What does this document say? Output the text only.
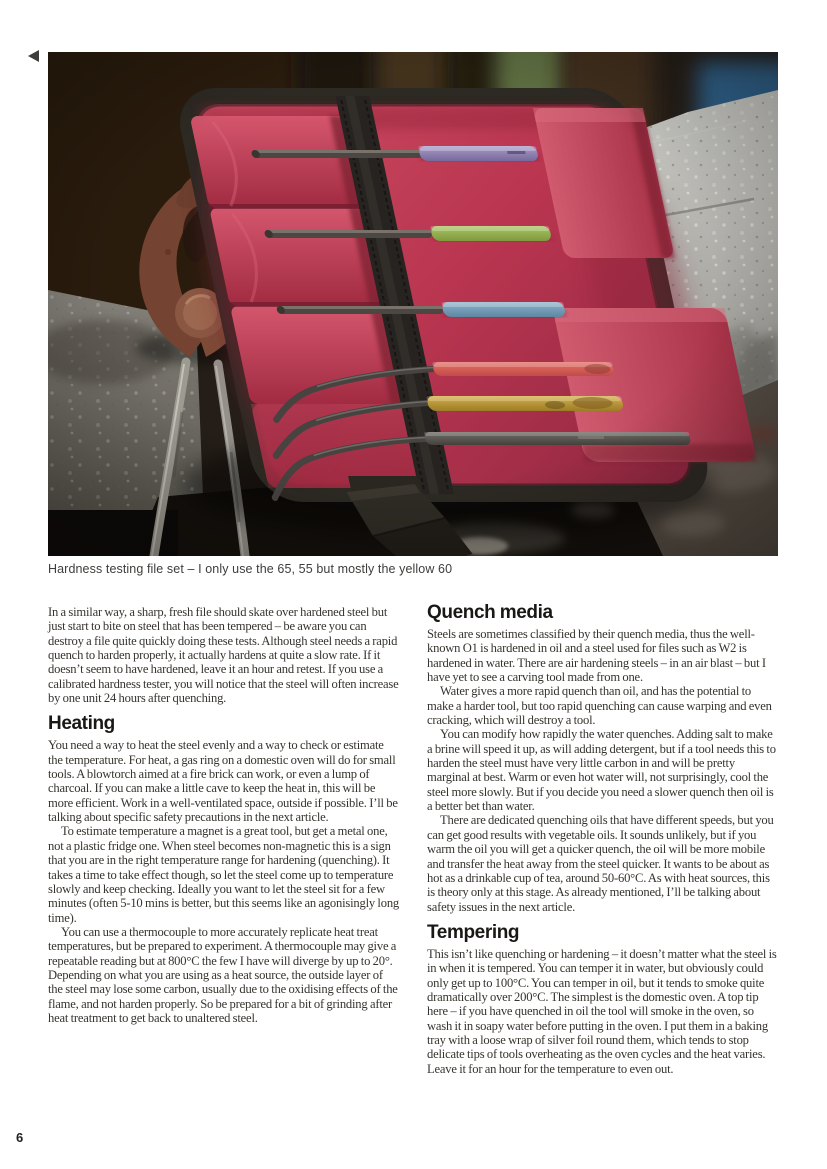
Hardness testing file set – I only use the 65, 55 but mostly the yellow 60

In a similar way, a sharp, fresh file should skate over hardened steel but just start to bite on steel that has been tempered – be aware you can destroy a file quite quickly doing these tests. Although steel needs a rapid quench to harden properly, it actually hardens at quite a slow rate. If it doesn’t seem to have hardened, leave it an hour and retest. If you use a calibrated hardness tester, you will notice that the steel will often increase by one unit 24 hours after quenching.

Heating

You need a way to heat the steel evenly and a way to check or estimate the temperature. For heat, a gas ring on a domestic oven will do for small tools. A blowtorch aimed at a fire brick can work, or even a lump of charcoal. If you can make a little cave to keep the heat in, this will be more efficient. Work in a well-ventilated space, outside if possible. I’ll be talking about specific safety precautions in the next article.

To estimate temperature a magnet is a great tool, but get a metal one, not a plastic fridge one. When steel becomes non-magnetic this is a sign that you are in the right temperature range for hardening (quenching). It takes a time to take effect though, so let the steel come up to temperature slowly and keep checking. Ideally you want to let the steel sit for a few minutes (often 5-10 mins is better, but this seems like an agonisingly long time).

You can use a thermocouple to more accurately replicate heat treat temperatures, but be prepared to experiment. A thermocouple may give a repeatable reading but at 800°C the few I have will diverge by up to 20°. Depending on what you are using as a heat source, the outside layer of the steel may lose some carbon, usually due to the oxidising effects of the flame, and not harden properly. So be prepared for a bit of grinding after heat treatment to get back to unaltered steel.

Quench media

Steels are sometimes classified by their quench media, thus the well-known O1 is hardened in oil and a steel used for files such as W2 is hardened in water. There are air hardening steels – in an air blast – but I have yet to see a carving tool made from one.

Water gives a more rapid quench than oil, and has the potential to make a harder tool, but too rapid quenching can cause warping and even cracking, which will destroy a tool.

You can modify how rapidly the water quenches. Adding salt to make a brine will speed it up, as will adding detergent, but if a tool needs this to harden the steel must have very little carbon in and will be pretty marginal at best. Warm or even hot water will, not surprisingly, cool the steel more slowly. But if you decide you need a slower quench then oil is a better bet than water.

There are dedicated quenching oils that have different speeds, but you can get good results with vegetable oils. It sounds unlikely, but if you warm the oil you will get a quicker quench, the oil will be more mobile and transfer the heat away from the steel quicker. It wants to be about as hot as a drinkable cup of tea, around 50-60°C. As with heat sources, this is theory only at this stage. As already mentioned, I’ll be talking about safety issues in the next article.

Tempering

This isn’t like quenching or hardening – it doesn’t matter what the steel is in when it is tempered. You can temper it in water, but obviously could only get up to 100°C. You can temper in oil, but it tends to smoke quite dramatically over 200°C. The simplest is the domestic oven. A top tip here – if you have quenched in oil the tool will smoke in the oven, so wash it in soapy water before putting in the oven. I put them in a baking tray with a loose wrap of silver foil round them, which tends to stop delicate tips of tools overheating as the oven cycles and the heat varies. Leave it for an hour for the temperature to even out.

6
